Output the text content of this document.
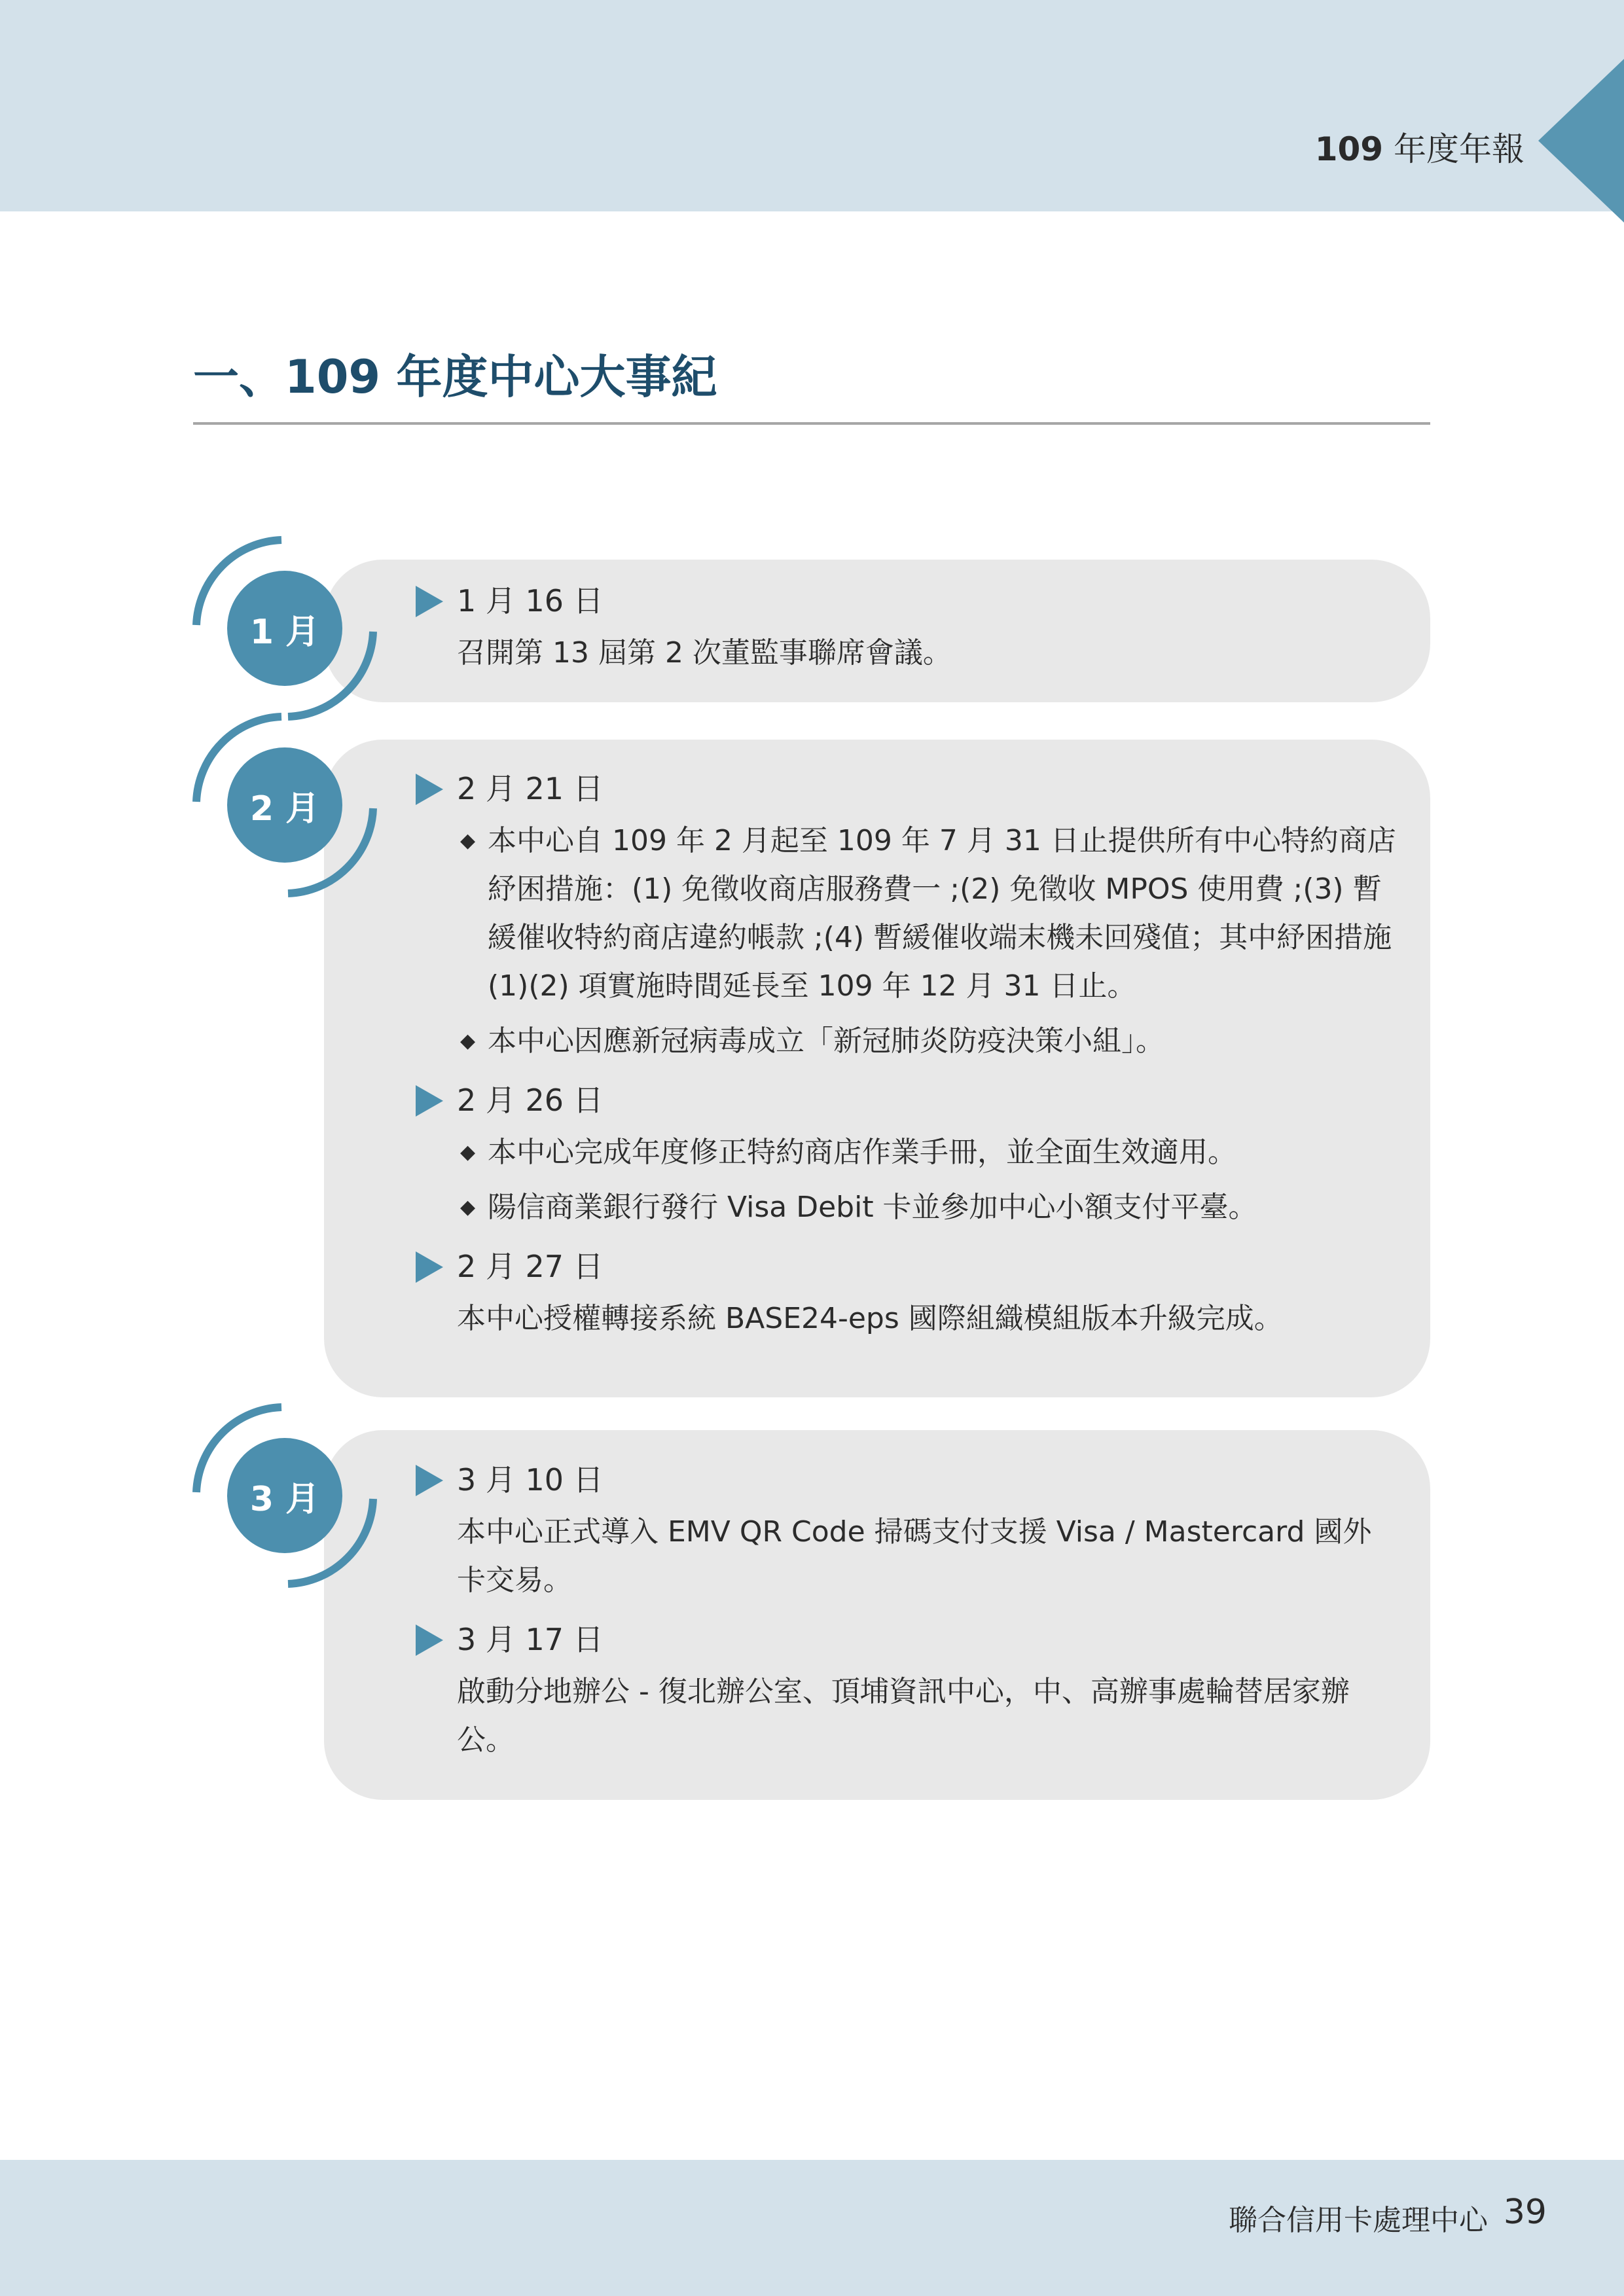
109 年度年報
一、109 年度中心大事紀
1 月
1 月 16 日

召開第 13 屆第 2 次董監事聯席會議。

2 月
2 月 21 日

◆ 本中心自 109 年 2 月起至 109 年 7 月 31 日止提供所有中心特約商店紓困措施：(1) 免徵收商店服務費一 ;(2) 免徵收 MPOS 使用費 ;(3) 暫緩催收特約商店違約帳款 ;(4) 暫緩催收端末機未回殘值；其中紓困措施 (1)(2) 項實施時間延長至 109 年 12 月 31 日止。

◆ 本中心因應新冠病毒成立「新冠肺炎防疫決策小組」。

2 月 26 日

◆ 本中心完成年度修正特約商店作業手冊，並全面生效適用。

◆ 陽信商業銀行發行 Visa Debit 卡並參加中心小額支付平臺。

2 月 27 日

本中心授權轉接系統 BASE24-eps 國際組織模組版本升級完成。

3 月	3 月 10 日

本中心正式導入 EMV QR Code 掃碼支付支援 Visa / Mastercard 國外卡交易。

3 月 17 日

啟動分地辦公 - 復北辦公室、頂埔資訊中心，中、高辦事處輪替居家辦公。

聯合信用卡處理中心 39
